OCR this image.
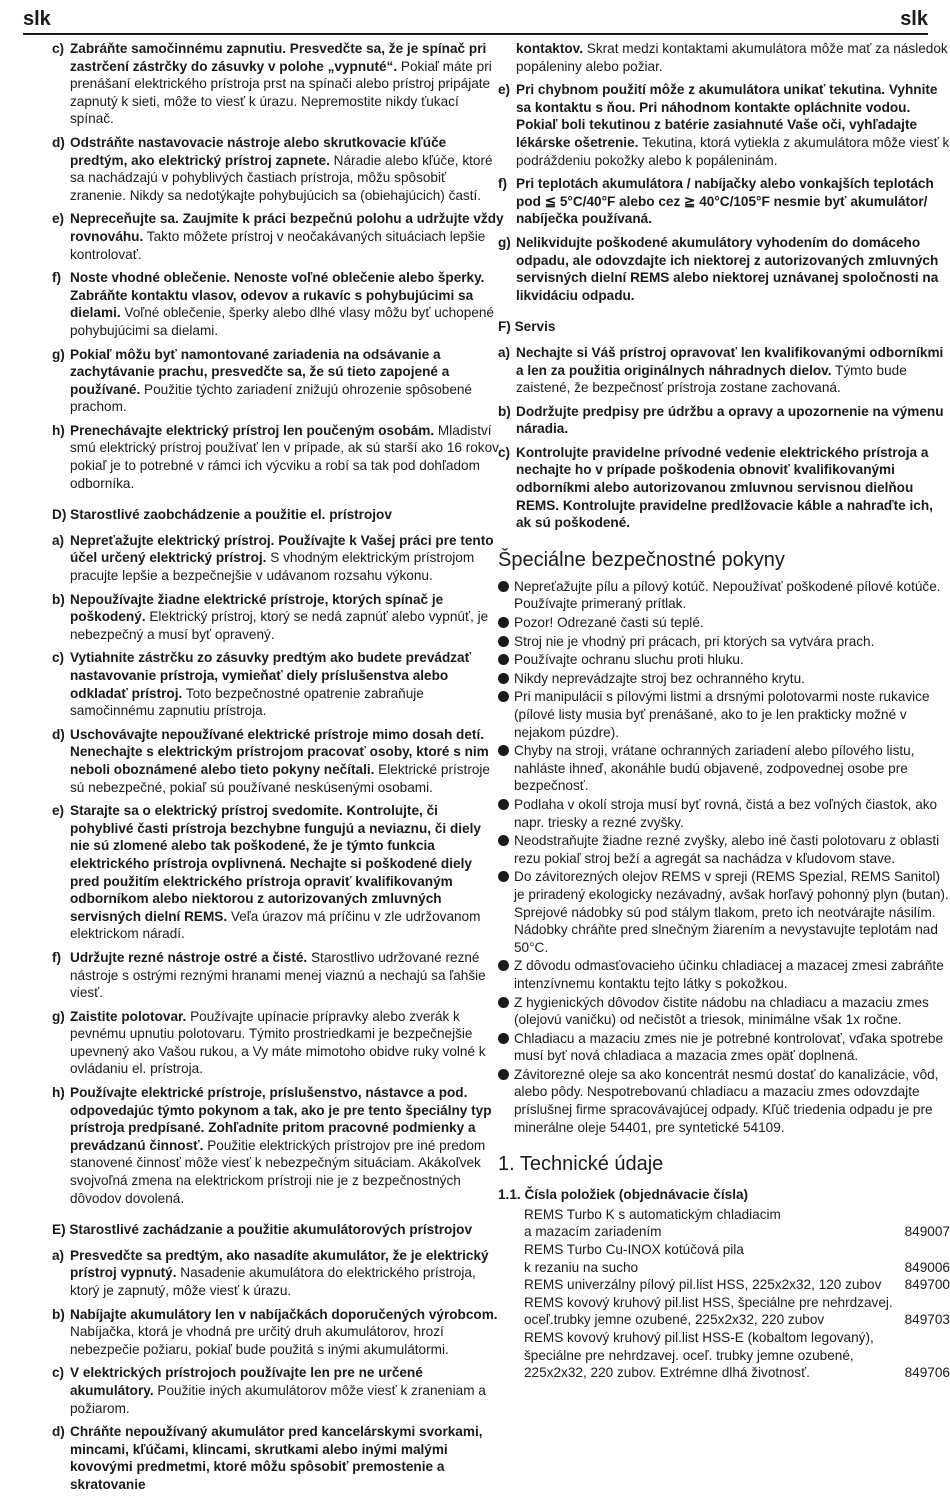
slk	slk
c) Zabráňte samočinnému zapnutiu. Presvedčte sa, že je spínač pri zastrčení zástrčky do zásuvky v polohe „vypnuté“. Pokiaľ máte pri prenášaní elektrického prístroja prst na spínači alebo prístroj pripájate zapnutý k sieti, môže to viesť k úrazu. Nepremostite nikdy ťukací spínač.
d) Odstráňte nastavovacie nástroje alebo skrutkovacie kľúče predtým, ako elektrický prístroj zapnete. Náradie alebo kľúče, ktoré sa nachádzajú v pohyblivých častiach prístroja, môžu spôsobiť zranenie. Nikdy sa nedotýkajte pohybujúcich sa (obiehajúcich) častí.
e) Nepreceňujte sa. Zaujmite k práci bezpečnú polohu a udržujte vždy rovnováhu. Takto môžete prístroj v neočakávaných situáciach lepšie kontrolovať.
f) Noste vhodné oblečenie. Nenoste voľné oblečenie alebo šperky. Zabráňte kontaktu vlasov, odevov a rukavíc s pohybujúcimi sa dielami. Voľné oblečenie, šperky alebo dlhé vlasy môžu byť uchopené pohybujúcimi sa dielami.
g) Pokiaľ môžu byť namontované zariadenia na odsávanie a zachytávanie prachu, presvedčte sa, že sú tieto zapojené a používané. Použitie týchto zariadení znižujú ohrozenie spôsobené prachom.
h) Prenechávajte elektrický prístroj len poučeným osobám. Mladiství smú elektrický prístroj používať len v prípade, ak sú starší ako 16 rokov, pokiaľ je to potrebné v rámci ich výcviku a robí sa tak pod dohľadom odborníka.
D) Starostlivé zaobchádzenie a použitie el. prístrojov
a) Nepreťažujte elektrický prístroj. Používajte k Vašej práci pre tento účel určený elektrický prístroj. S vhodným elektrickým prístrojom pracujte lepšie a bezpečnejšie v udávanom rozsahu výkonu.
b) Nepoužívajte žiadne elektrické prístroje, ktorých spínač je poškodený. Elektrický prístroj, ktorý se nedá zapnúť alebo vypnúť, je nebezpečný a musí byť opravený.
c) Vytiahnite zástrčku zo zásuvky predtým ako budete prevádzať nastavovanie prístroja, vymieňať diely príslušenstva alebo odkladať prístroj. Toto bezpečnostné opatrenie zabraňuje samočinnému zapnutiu prístroja.
d) Uschovávajte nepoužívané elektrické prístroje mimo dosah detí. Nenechajte s elektrickým prístrojom pracovať osoby, ktoré s nim neboli oboznámené alebo tieto pokyny nečítali. Elektrické prístroje sú nebezpečné, pokiaľ sú používané neskúsenými osobami.
e) Starajte sa o elektrický prístroj svedomite. Kontrolujte, či pohyblivé časti prístroja bezchybne fungujú a neviaznu, či diely nie sú zlomené alebo tak poškodené, že je týmto funkcia elektrického prístroja ovplivnená. Nechajte si poškodené diely pred použitím elektrického prístroja opraviť kvalifikovaným odborníkom alebo niektorou z autorizovaných zmluvných servisných dielní REMS. Veľa úrazov má príčinu v zle udržovanom elektrickom náradí.
f) Udržujte rezné nástroje ostré a čisté. Starostlivo udržované rezné nástroje s ostrými reznými hranami menej viaznú a nechajú sa ľahšie viesť.
g) Zaistite polotovar. Používajte upínacie prípravky alebo zverák k pevnému upnutiu polotovaru. Týmito prostriedkami je bezpečnejšie upevnený ako Vašou rukou, a Vy máte mimotoho obidve ruky volné k ovládaniu el. prístroja.
h) Používajte elektrické prístroje, príslušenstvo, nástavce a pod. odpovedajúc týmto pokynom a tak, ako je pre tento špeciálny typ prístroja predpísané. Zohľadnite pritom pracovné podmienky a prevádzanú činnosť. Použitie elektrických prístrojov pre iné predom stanovené činnosť môže viesť k nebezpečným situáciam. Akákoľvek svojvoľná zmena na elektrickom prístroji nie je z bezpečnostných dôvodov dovolená.
E) Starostlivé zachádzanie a použitie akumulátorových prístrojov
a) Presvedčte sa predtým, ako nasadíte akumulátor, že je elektrický prístroj vypnutý. Nasadenie akumulátora do elektrického prístroja, ktorý je zapnutý, môže viesť k úrazu.
b) Nabíjajte akumulátory len v nabíjačkách doporučených výrobcom. Nabíjačka, ktorá je vhodná pre určitý druh akumulátorov, hrozí nebezpečie požiaru, pokiaľ bude použitá s inými akumulátormi.
c) V elektrických prístrojoch používajte len pre ne určené akumulátory. Použitie iných akumulátorov môže viesť k zraneniam a požiarom.
d) Chráňte nepoužívaný akumulátor pred kancelárskymi svorkami, mincami, kľúčami, klincami, skrutkami alebo inými malými kovovými predmetmi, ktoré môžu spôsobiť premostenie a skratovanie
kontaktov. Skrat medzi kontaktami akumulátora môže mať za následok popáleniny alebo požiar.
e) Pri chybnom použití môže z akumulátora unikať tekutina. Vyhnite sa kontaktu s ňou. Pri náhodnom kontakte opláchnite vodou. Pokiaľ boli tekutinou z batérie zasiahnuté Vaše oči, vyhľadajte lékárske ošetrenie. Tekutina, ktorá vytiekla z akumulátora môže viesť k podráždeniu pokožky alebo k popáleninám.
f) Pri teplotách akumulátora / nabíjačky alebo vonkajších teplotách pod ≦ 5°C/40°F alebo cez ≧ 40°C/105°F nesmie byť akumulátor/ nabíječka používaná.
g) Nelikvidujte poškodené akumulátory vyhodením do domáceho odpadu, ale odovzdajte ich niektorej z autorizovaných zmluvných servisných dielní REMS alebo niektorej uznávanej spoločnosti na likvidáciu odpadu.
F) Servis
a) Nechajte si Váš prístroj opravovať len kvalifikovanými odborníkmi a len za použitia originálnych náhradnych dielov. Týmto bude zaistené, že bezpečnosť prístroja zostane zachovaná.
b) Dodržujte predpisy pre údržbu a opravy a upozornenie na výmenu náradia.
c) Kontrolujte pravidelne prívodné vedenie elektrického prístroja a nechajte ho v prípade poškodenia obnoviť kvalifikovanými odborníkmi alebo autorizovanou zmluvnou servisnou dielňou REMS. Kontrolujte pravidelne predlžovacie káble a nahraďte ich, ak sú poškodené.
Špeciálne bezpečnostné pokyny
Nepreťažujte pílu a pílový kotúč. Nepoužívať poškodené pílové kotúče. Používajte primeraný prítlak.
Pozor! Odrezané časti sú teplé.
Stroj nie je vhodný pri prácach, pri ktorých sa vytvára prach.
Používajte ochranu sluchu proti hluku.
Nikdy neprevádzajte stroj bez ochranného krytu.
Pri manipulácii s pílovými listmi a drsnými polotovarmi noste rukavice (pílové listy musia byť prenášané, ako to je len prakticky možné v nejakom púzdre).
Chyby na stroji, vrátane ochranných zariadení alebo pílového listu, nahláste ihneď, akonáhle budú objavené, zodpovednej osobe pre bezpečnosť.
Podlaha v okolí stroja musí byť rovná, čistá a bez voľných čiastok, ako napr. triesky a rezné zvyšky.
Neodstraňujte žiadne rezné zvyšky, alebo iné časti polotovaru z oblasti rezu pokiaľ stroj beží a agregát sa nachádza v kľudovom stave.
Do závitorezných olejov REMS v spreji (REMS Spezial, REMS Sanitol) je priradený ekologicky nezávadný, avšak horľavý pohonný plyn (butan). Sprejové nádobky sú pod stálym tlakom, preto ich neotvárajte násilím. Nádobky chráňte pred slnečným žiarením a nevystavujte teplotám nad 50°C.
Z dôvodu odmasťovacieho účinku chladiacej a mazacej zmesi zabráňte intenzívnemu kontaktu tejto látky s pokožkou.
Z hygienických dôvodov čistite nádobu na chladiacu a mazaciu zmes (olejovú vaničku) od nečistôt a triesok, minimálne však 1x ročne.
Chladiacu a mazaciu zmes nie je potrebné kontrolovať, vďaka spotrebe musí byť nová chladiaca a mazacia zmes opäť doplnená.
Závitorezné oleje sa ako koncentrát nesmú dostať do kanalizácie, vôd, alebo pôdy. Nespotrebovanú chladiacu a mazaciu zmes odovzdajte príslušnej firme spracovávajúcej odpady. Kľúč triedenia odpadu je pre minerálne oleje 54401, pre syntetické 54109.
1. Technické údaje
1.1. Čísla položiek (objednávacie čísla)
REMS Turbo K s automatickým chladiacim
a mazacím zariadením	849007
REMS Turbo Cu-INOX kotúčová pila
k rezaniu na sucho	849006
REMS univerzálny pílový pil.list HSS, 225x2x32, 120 zubov 849700
REMS kovový kruhový pil.list HSS, špeciálne pre nehrdzavej.
oceľ.trubky jemne ozubené, 225x2x32, 220 zubov	849703
REMS kovový kruhový pil.list HSS-E (kobaltom legovaný),
špeciálne pre nehrdzavej. oceľ. trubky jemne ozubené,
225x2x32, 220 zubov. Extrémne dlhá životnosť.	849706
